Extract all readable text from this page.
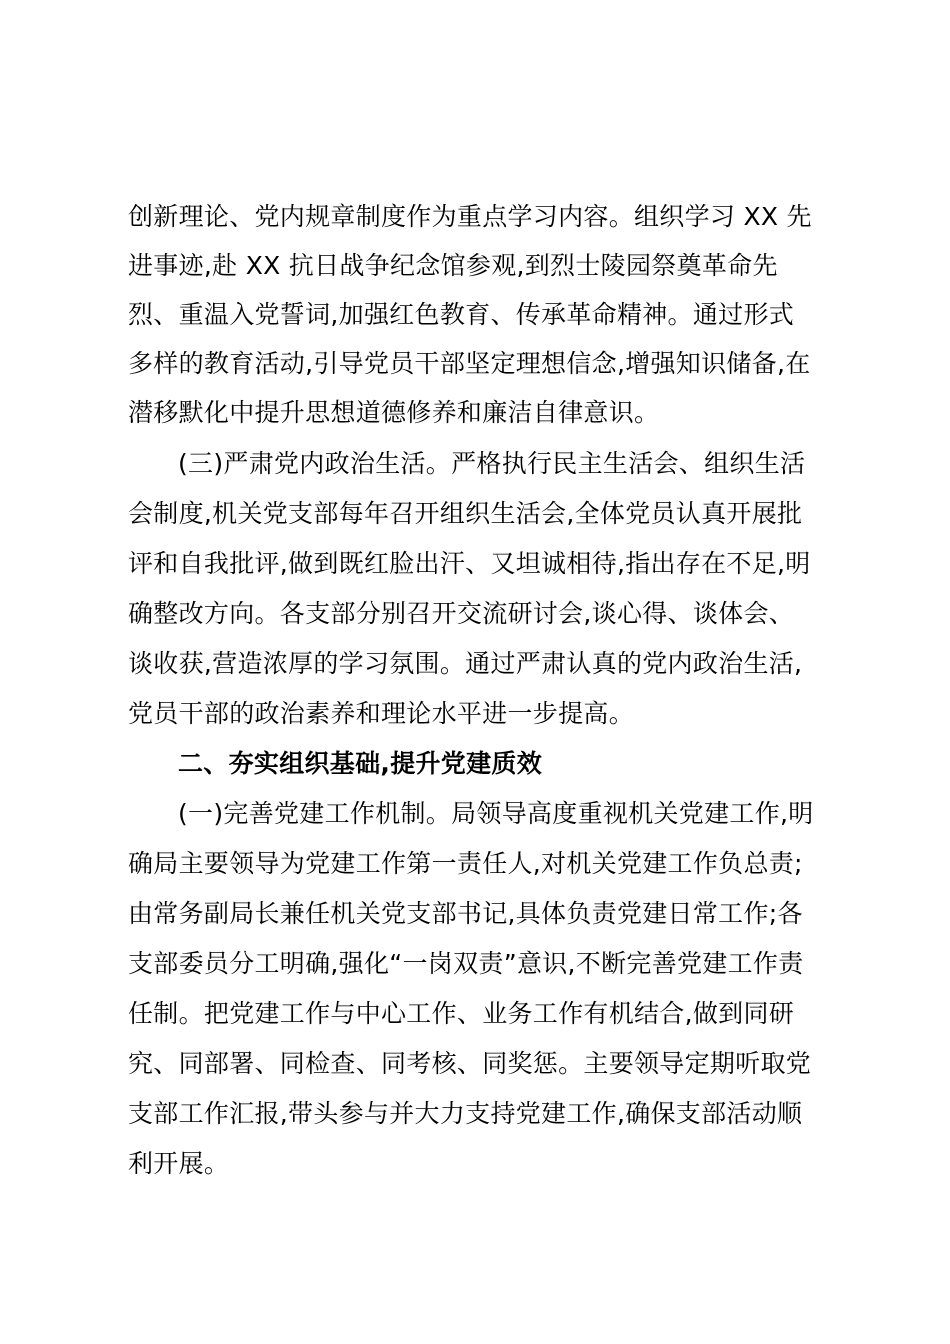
创新理论、党内规章制度作为重点学习内容。组织学习 XX 先
进事迹,赴 XX 抗日战争纪念馆参观,到烈士陵园祭奠革命先
烈、重温入党誓词,加强红色教育、传承革命精神。通过形式
多样的教育活动,引导党员干部坚定理想信念,增强知识储备,在
潜移默化中提升思想道德修养和廉洁自律意识。
(三)严肃党内政治生活。严格执行民主生活会、组织生活
会制度,机关党支部每年召开组织生活会,全体党员认真开展批
评和自我批评,做到既红脸出汗、又坦诚相待,指出存在不足,明
确整改方向。各支部分别召开交流研讨会,谈心得、谈体会、
谈收获,营造浓厚的学习氛围。通过严肃认真的党内政治生活,
党员干部的政治素养和理论水平进一步提高。
二、夯实组织基础,提升党建质效
(一)完善党建工作机制。局领导高度重视机关党建工作,明
确局主要领导为党建工作第一责任人,对机关党建工作负总责;
由常务副局长兼任机关党支部书记,具体负责党建日常工作;各
支部委员分工明确,强化“一岗双责”意识,不断完善党建工作责
任制。把党建工作与中心工作、业务工作有机结合,做到同研
究、同部署、同检查、同考核、同奖惩。主要领导定期听取党
支部工作汇报,带头参与并大力支持党建工作,确保支部活动顺
利开展。
